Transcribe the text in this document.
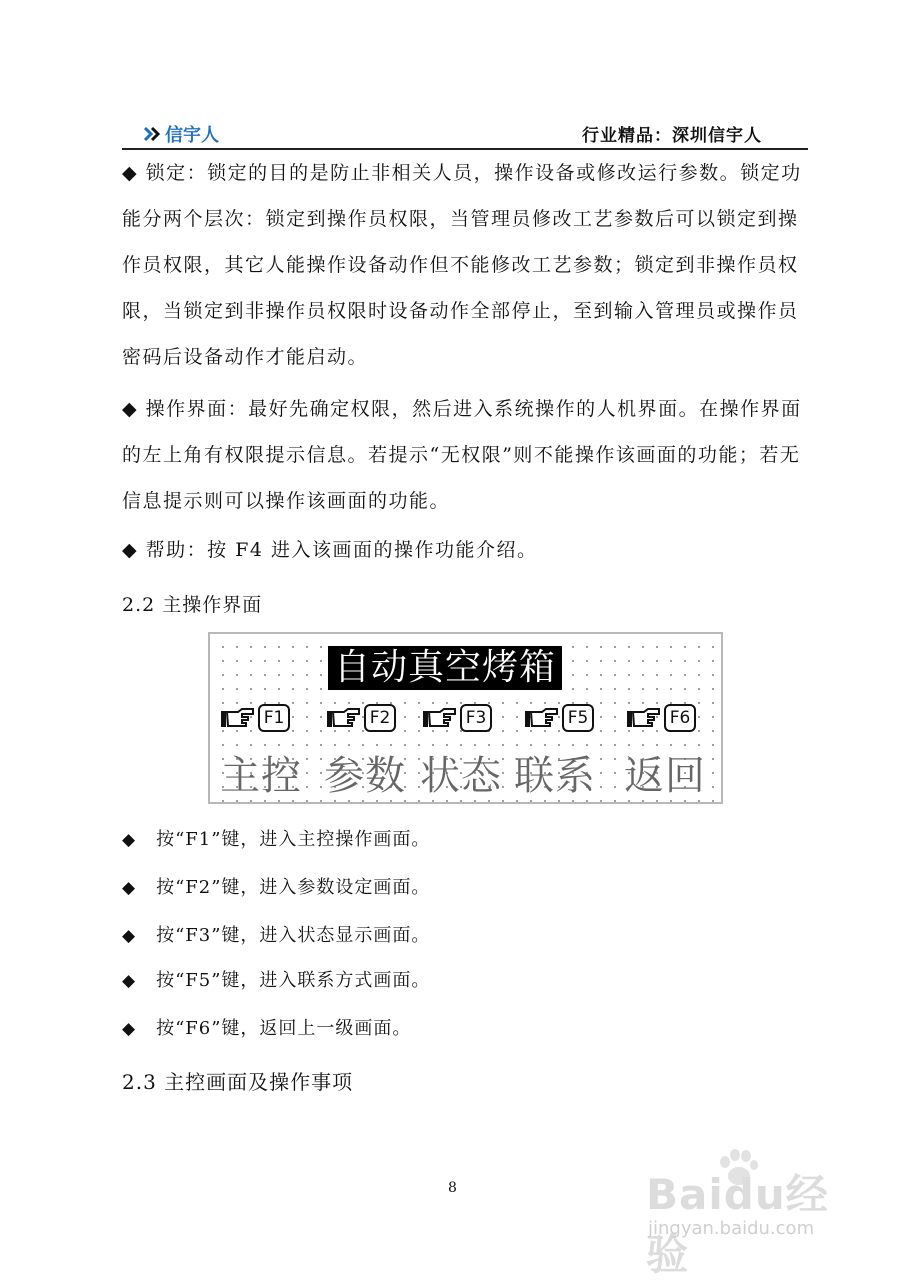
信宇人	行业精品：深圳信宇人

◆ 锁定：锁定的目的是防止非相关人员，操作设备或修改运行参数。锁定功能分两个层次：锁定到操作员权限，当管理员修改工艺参数后可以锁定到操作员权限，其它人能操作设备动作但不能修改工艺参数；锁定到非操作员权限，当锁定到非操作员权限时设备动作全部停止，至到输入管理员或操作员密码后设备动作才能启动。

◆ 操作界面：最好先确定权限，然后进入系统操作的人机界面。在操作界面的左上角有权限提示信息。若提示“无权限”则不能操作该画面的功能；若无信息提示则可以操作该画面的功能。

◆ 帮助：按 F4 进入该画面的操作功能介绍。

2.2 主操作界面

自动真空烤箱
F1	F2	F3	F5	F6
主控 参数 状态 联系 返回

◆ 按“F1”键，进入主控操作画面。

◆ 按“F2”键，进入参数设定画面。

◆ 按“F3”键，进入状态显示画面。

◆ 按“F5”键，进入联系方式画面。

◆ 按“F6”键，返回上一级画面。

2.3 主控画面及操作事项

8	Baidu经验
jingyan.baidu.com
